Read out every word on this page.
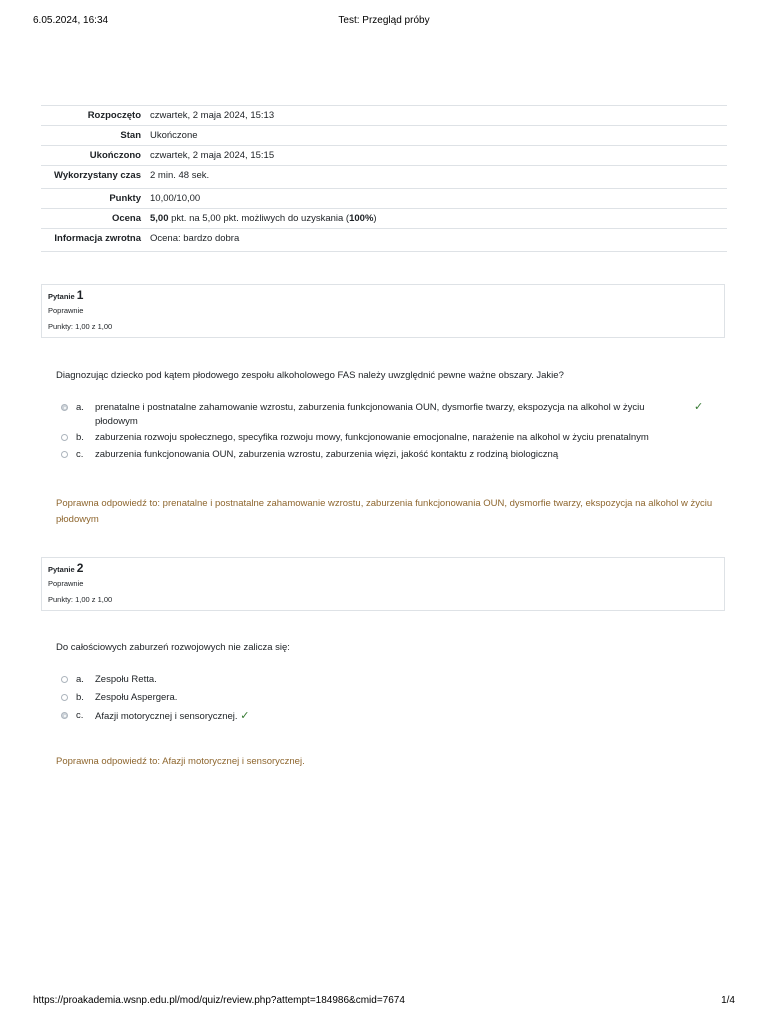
6.05.2024, 16:34	Test: Przegląd próby
Rozpoczęto	czwartek, 2 maja 2024, 15:13
Stan	Ukończone
Ukończono	czwartek, 2 maja 2024, 15:15
Wykorzystany czas	2 min. 48 sek.
Punkty	10,00/10,00
Ocena	5,00 pkt. na 5,00 pkt. możliwych do uzyskania (100%)
Informacja zwrotna	Ocena: bardzo dobra
Pytanie 1
Poprawnie
Punkty: 1,00 z 1,00
Diagnozując dziecko pod kątem płodowego zespołu alkoholowego FAS należy uwzględnić pewne ważne obszary. Jakie?
a. prenatalne i postnatalne zahamowanie wzrostu, zaburzenia funkcjonowania OUN, dysmorfie twarzy, ekspozycja na alkohol w życiu płodowym
✓
b. zaburzenia rozwoju społecznego, specyfika rozwoju mowy, funkcjonowanie emocjonalne, narażenie na alkohol w życiu prenatalnym
c. zaburzenia funkcjonowania OUN, zaburzenia wzrostu, zaburzenia więzi, jakość kontaktu z rodziną biologiczną
Poprawna odpowiedź to: prenatalne i postnatalne zahamowanie wzrostu, zaburzenia funkcjonowania OUN, dysmorfie twarzy, ekspozycja na alkohol w życiu płodowym
Pytanie 2
Poprawnie
Punkty: 1,00 z 1,00
Do całościowych zaburzeń rozwojowych nie zalicza się:
a. Zespołu Retta.
b. Zespołu Aspergera.
c. Afazji motorycznej i sensorycznej. ✓
Poprawna odpowiedź to: Afazji motorycznej i sensorycznej.
https://proakademia.wsnp.edu.pl/mod/quiz/review.php?attempt=184986&cmid=7674	1/4
